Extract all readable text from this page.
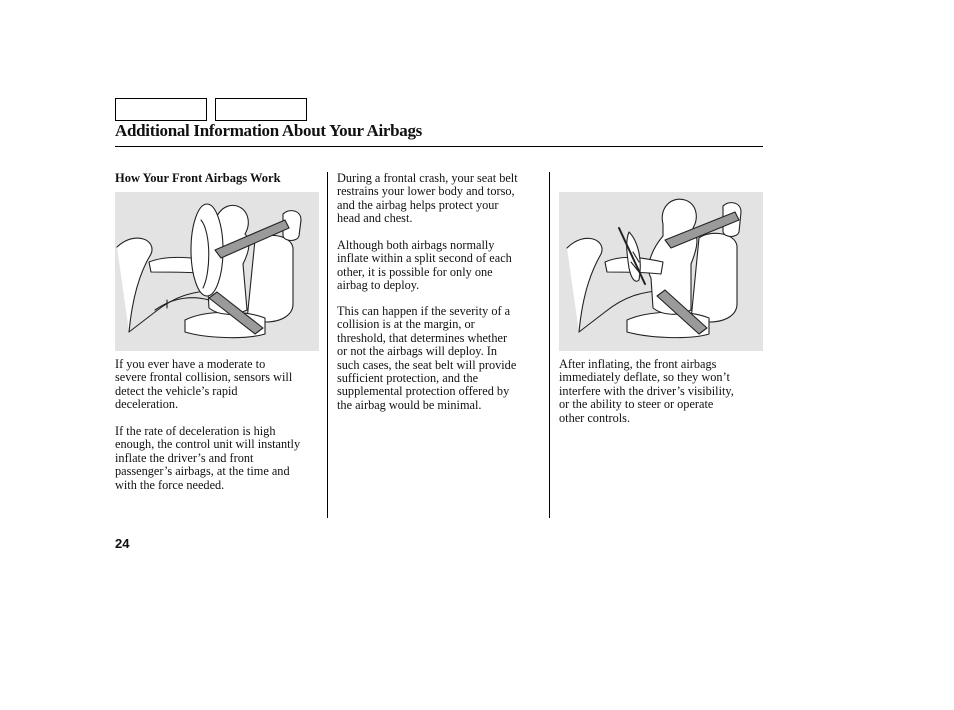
Additional Information About Your Airbags
How Your Front Airbags Work

If you ever have a moderate to
severe frontal collision, sensors will
detect the vehicle’s rapid
deceleration.

If the rate of deceleration is high
enough, the control unit will instantly
inflate the driver’s and front
passenger’s airbags, at the time and
with the force needed.

During a frontal crash, your seat belt
restrains your lower body and torso,
and the airbag helps protect your
head and chest.

Although both airbags normally
inflate within a split second of each
other, it is possible for only one
airbag to deploy.

This can happen if the severity of a
collision is at the margin, or
threshold, that determines whether
or not the airbags will deploy. In
such cases, the seat belt will provide
sufficient protection, and the
supplemental protection offered by
the airbag would be minimal.

After inflating, the front airbags
immediately deflate, so they won’t
interfere with the driver’s visibility,
or the ability to steer or operate
other controls.

24
